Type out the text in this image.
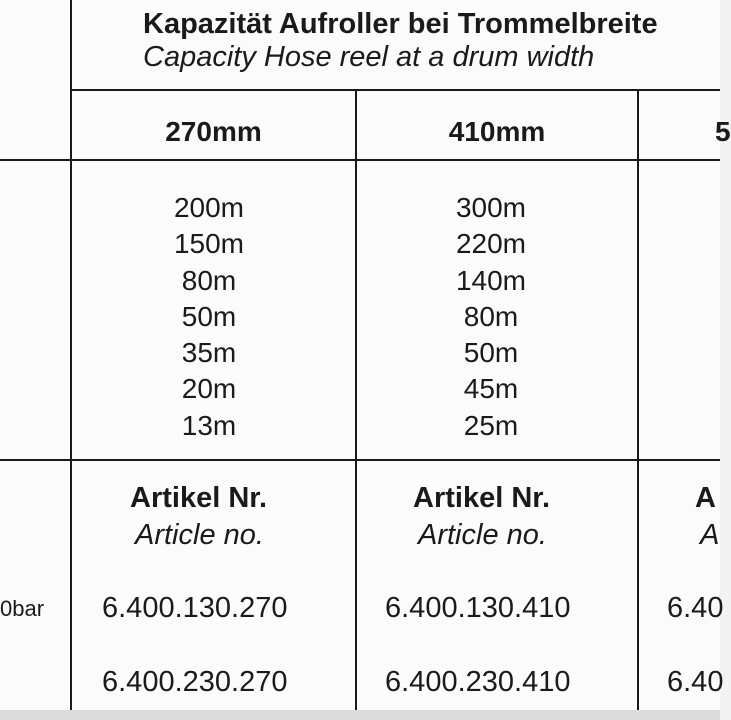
Kapazität Aufroller bei Trommelbreite
Capacity Hose reel at a drum width
270mm	410mm	5
200m
150m
80m
50m
35m
20m
13m
300m
220m
140m
80m
50m
45m
25m
Artikel Nr.
Article no.
Artikel Nr.
Article no.
A
A
0bar 6.400.130.270
6.400.230.270
6.400.130.410
6.400.230.410
6.40
6.40
